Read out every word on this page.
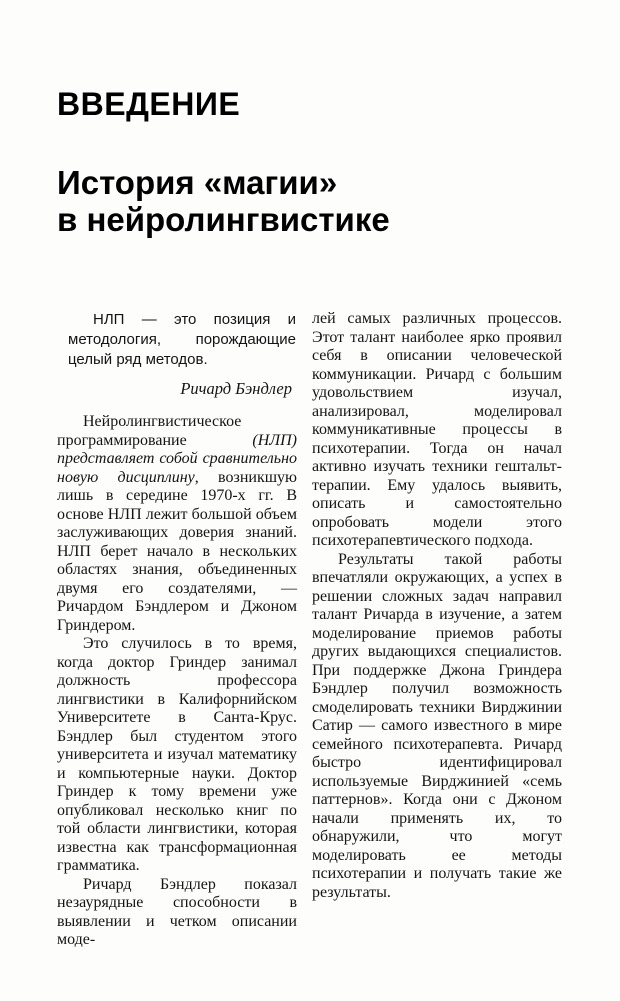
ВВЕДЕНИЕ
История «магии»
в нейролингвистике

НЛП — это позиция и методология, порождающие целый ряд методов.

Ричард Бэндлер

Нейролингвистическое программирование (НЛП) представляет собой сравнительно новую дисциплину, возникшую лишь в середине 1970-х гг. В основе НЛП лежит большой объем заслуживающих доверия знаний. НЛП берет начало в нескольких областях знания, объединенных двумя его создателями, — Ричардом Бэндлером и Джоном Гриндером.

Это случилось в то время, когда доктор Гриндер занимал должность профессора лингвистики в Калифорнийском Университете в Санта-Крус. Бэндлер был студентом этого университета и изучал математику и компьютерные науки. Доктор Гриндер к тому времени уже опубликовал несколько книг по той области лингвистики, которая известна как трансформационная грамматика.

Ричард Бэндлер показал незаурядные способности в выявлении и четком описании моде-

лей самых различных процессов. Этот талант наиболее ярко проявил себя в описании человеческой коммуникации. Ричард с большим удовольствием изучал, анализировал, моделировал коммуникативные процессы в психотерапии. Тогда он начал активно изучать техники гештальт-терапии. Ему удалось выявить, описать и самостоятельно опробовать модели этого психотерапевтического подхода.

Результаты такой работы впечатляли окружающих, а успех в решении сложных задач направил талант Ричарда в изучение, а затем моделирование приемов работы других выдающихся специалистов. При поддержке Джона Гриндера Бэндлер получил возможность смоделировать техники Вирджинии Сатир — самого известного в мире семейного психотерапевта. Ричард быстро идентифицировал используемые Вирджинией «семь паттернов». Когда они с Джоном начали применять их, то обнаружили, что могут моделировать ее методы психотерапии и получать такие же результаты.
